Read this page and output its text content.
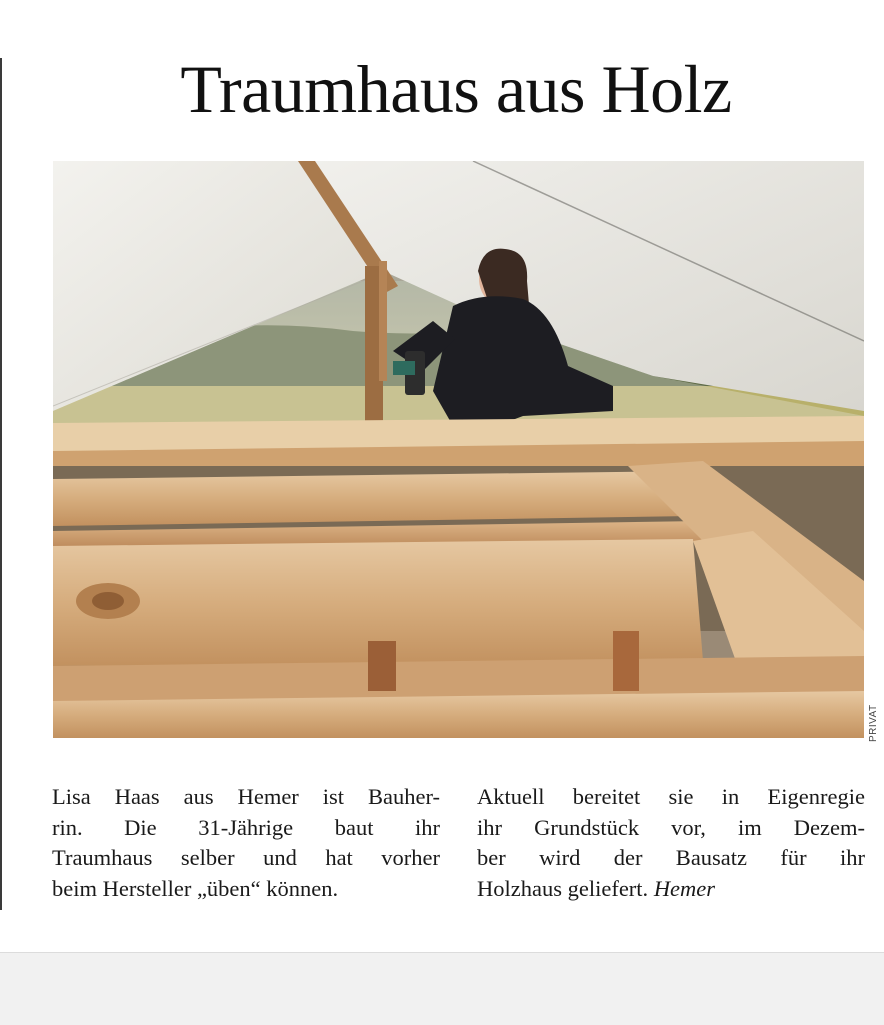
Traumhaus aus Holz
PRIVAT
Lisa Haas aus Hemer ist Bauher-
rin. Die 31-Jährige baut ihr
Traumhaus selber und hat vorher
beim Hersteller „üben“ können.
Aktuell bereitet sie in Eigenregie
ihr Grundstück vor, im Dezem-
ber wird der Bausatz für ihr
Holzhaus geliefert. Hemer
